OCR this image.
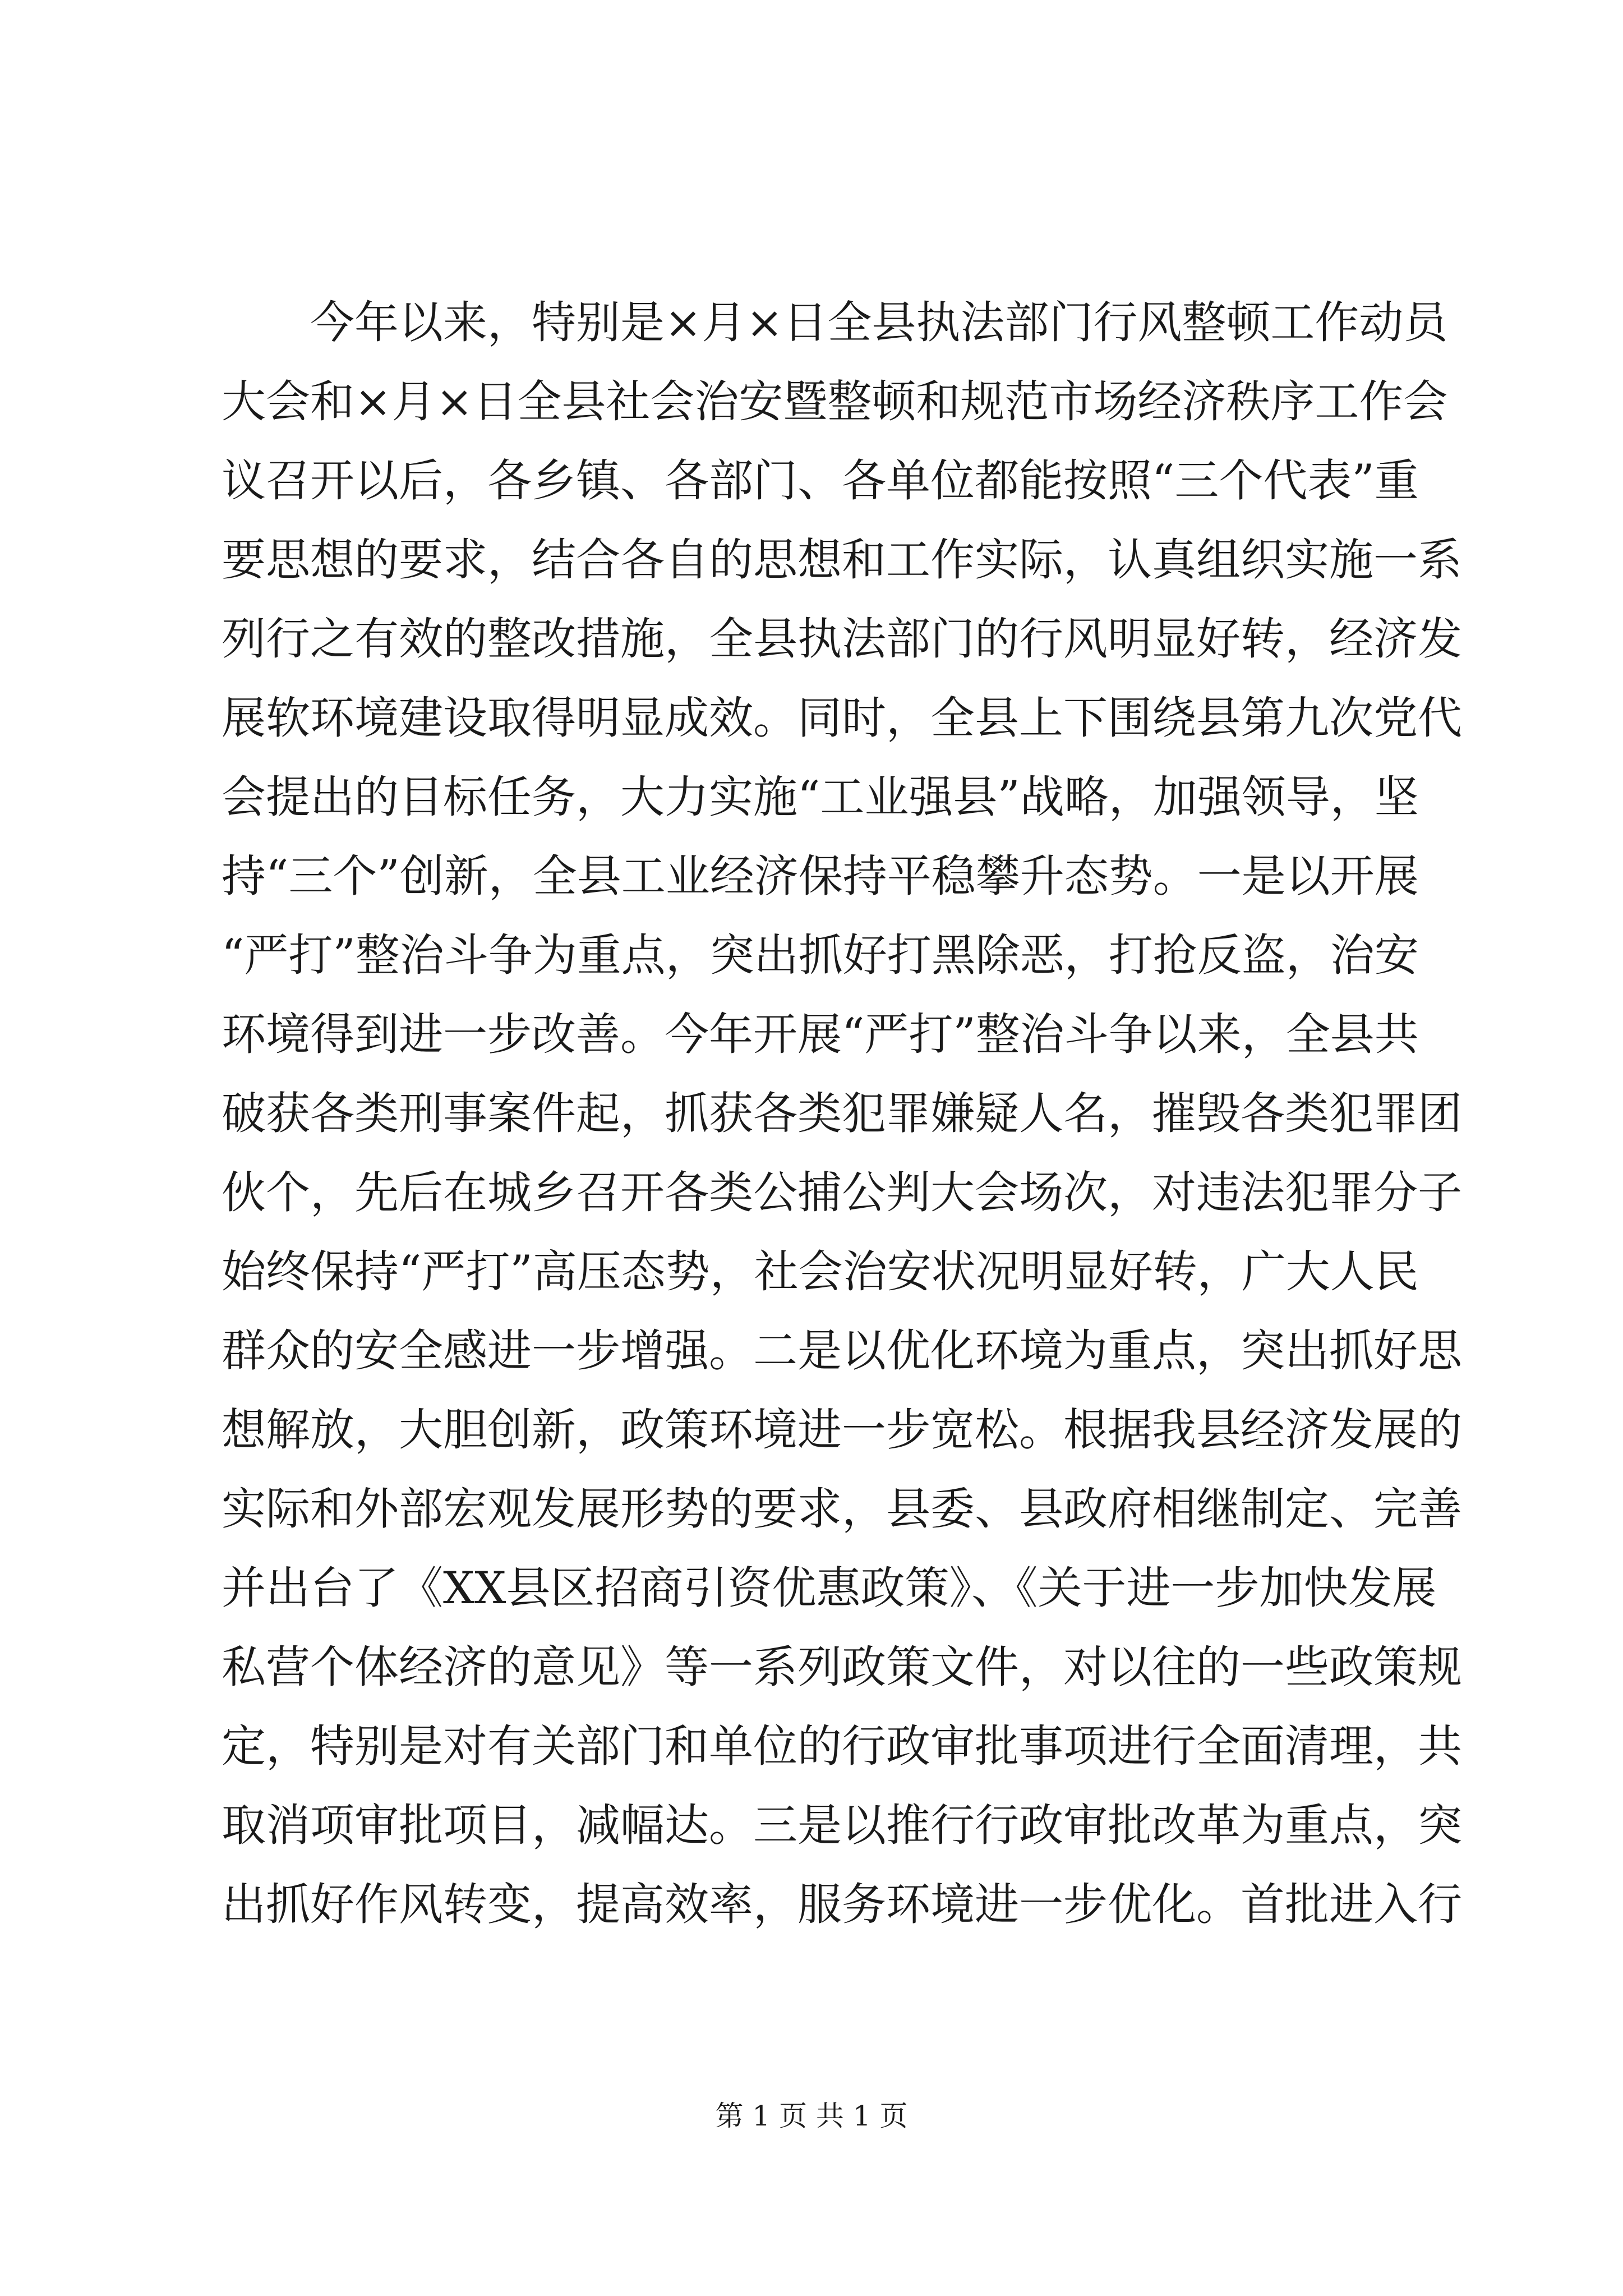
今年以来，特别是×月×日全县执法部门行风整顿工作动员
大会和×月×日全县社会治安暨整顿和规范市场经济秩序工作会
议召开以后，各乡镇、各部门、各单位都能按照“三个代表”重
要思想的要求，结合各自的思想和工作实际，认真组织实施一系
列行之有效的整改措施，全县执法部门的行风明显好转，经济发
展软环境建设取得明显成效。同时，全县上下围绕县第九次党代
会提出的目标任务，大力实施“工业强县”战略，加强领导，坚
持“三个”创新，全县工业经济保持平稳攀升态势。一是以开展
“严打”整治斗争为重点，突出抓好打黑除恶，打抢反盗，治安
环境得到进一步改善。今年开展“严打”整治斗争以来，全县共
破获各类刑事案件起，抓获各类犯罪嫌疑人名，摧毁各类犯罪团
伙个，先后在城乡召开各类公捕公判大会场次，对违法犯罪分子
始终保持“严打”高压态势，社会治安状况明显好转，广大人民
群众的安全感进一步增强。二是以优化环境为重点，突出抓好思
想解放，大胆创新，政策环境进一步宽松。根据我县经济发展的
实际和外部宏观发展形势的要求，县委、县政府相继制定、完善
并出台了《XX县区招商引资优惠政策》、《关于进一步加快发展
私营个体经济的意见》等一系列政策文件，对以往的一些政策规
定，特别是对有关部门和单位的行政审批事项进行全面清理，共
取消项审批项目，减幅达。三是以推行行政审批改革为重点，突
出抓好作风转变，提高效率，服务环境进一步优化。首批进入行
第 1 页 共 1 页
